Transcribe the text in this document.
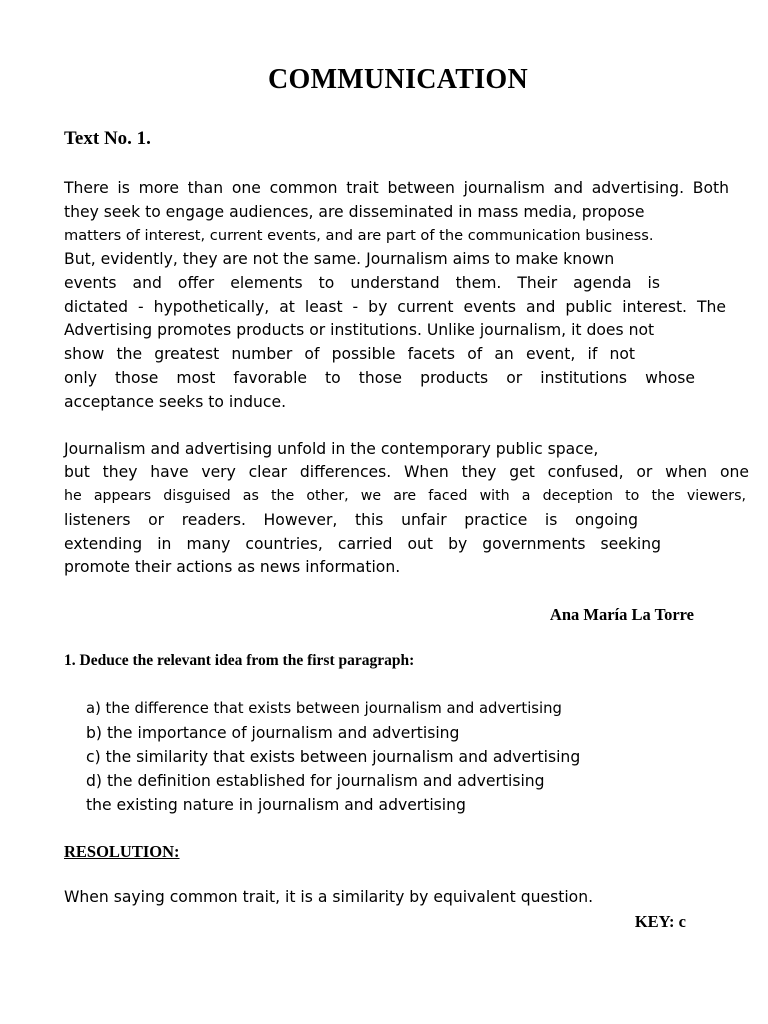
COMMUNICATION
Text No. 1.
There is more than one common trait between journalism and advertising. Both
they seek to engage audiences, are disseminated in mass media, propose
matters of interest, current events, and are part of the communication business.
But, evidently, they are not the same. Journalism aims to make known
events and offer elements to understand them. Their agenda is
dictated - hypothetically, at least - by current events and public interest. The
Advertising promotes products or institutions. Unlike journalism, it does not
show the greatest number of possible facets of an event, if not
only those most favorable to those products or institutions whose
acceptance seeks to induce.
Journalism and advertising unfold in the contemporary public space,
but they have very clear differences. When they get confused, or when one
he appears disguised as the other, we are faced with a deception to the viewers,
listeners or readers. However, this unfair practice is ongoing
extending in many countries, carried out by governments seeking
promote their actions as news information.
Ana María La Torre
1. Deduce the relevant idea from the first paragraph:
a) the difference that exists between journalism and advertising
b) the importance of journalism and advertising
c) the similarity that exists between journalism and advertising
d) the definition established for journalism and advertising
the existing nature in journalism and advertising
RESOLUTION:
When saying common trait, it is a similarity by equivalent question.
KEY: c
